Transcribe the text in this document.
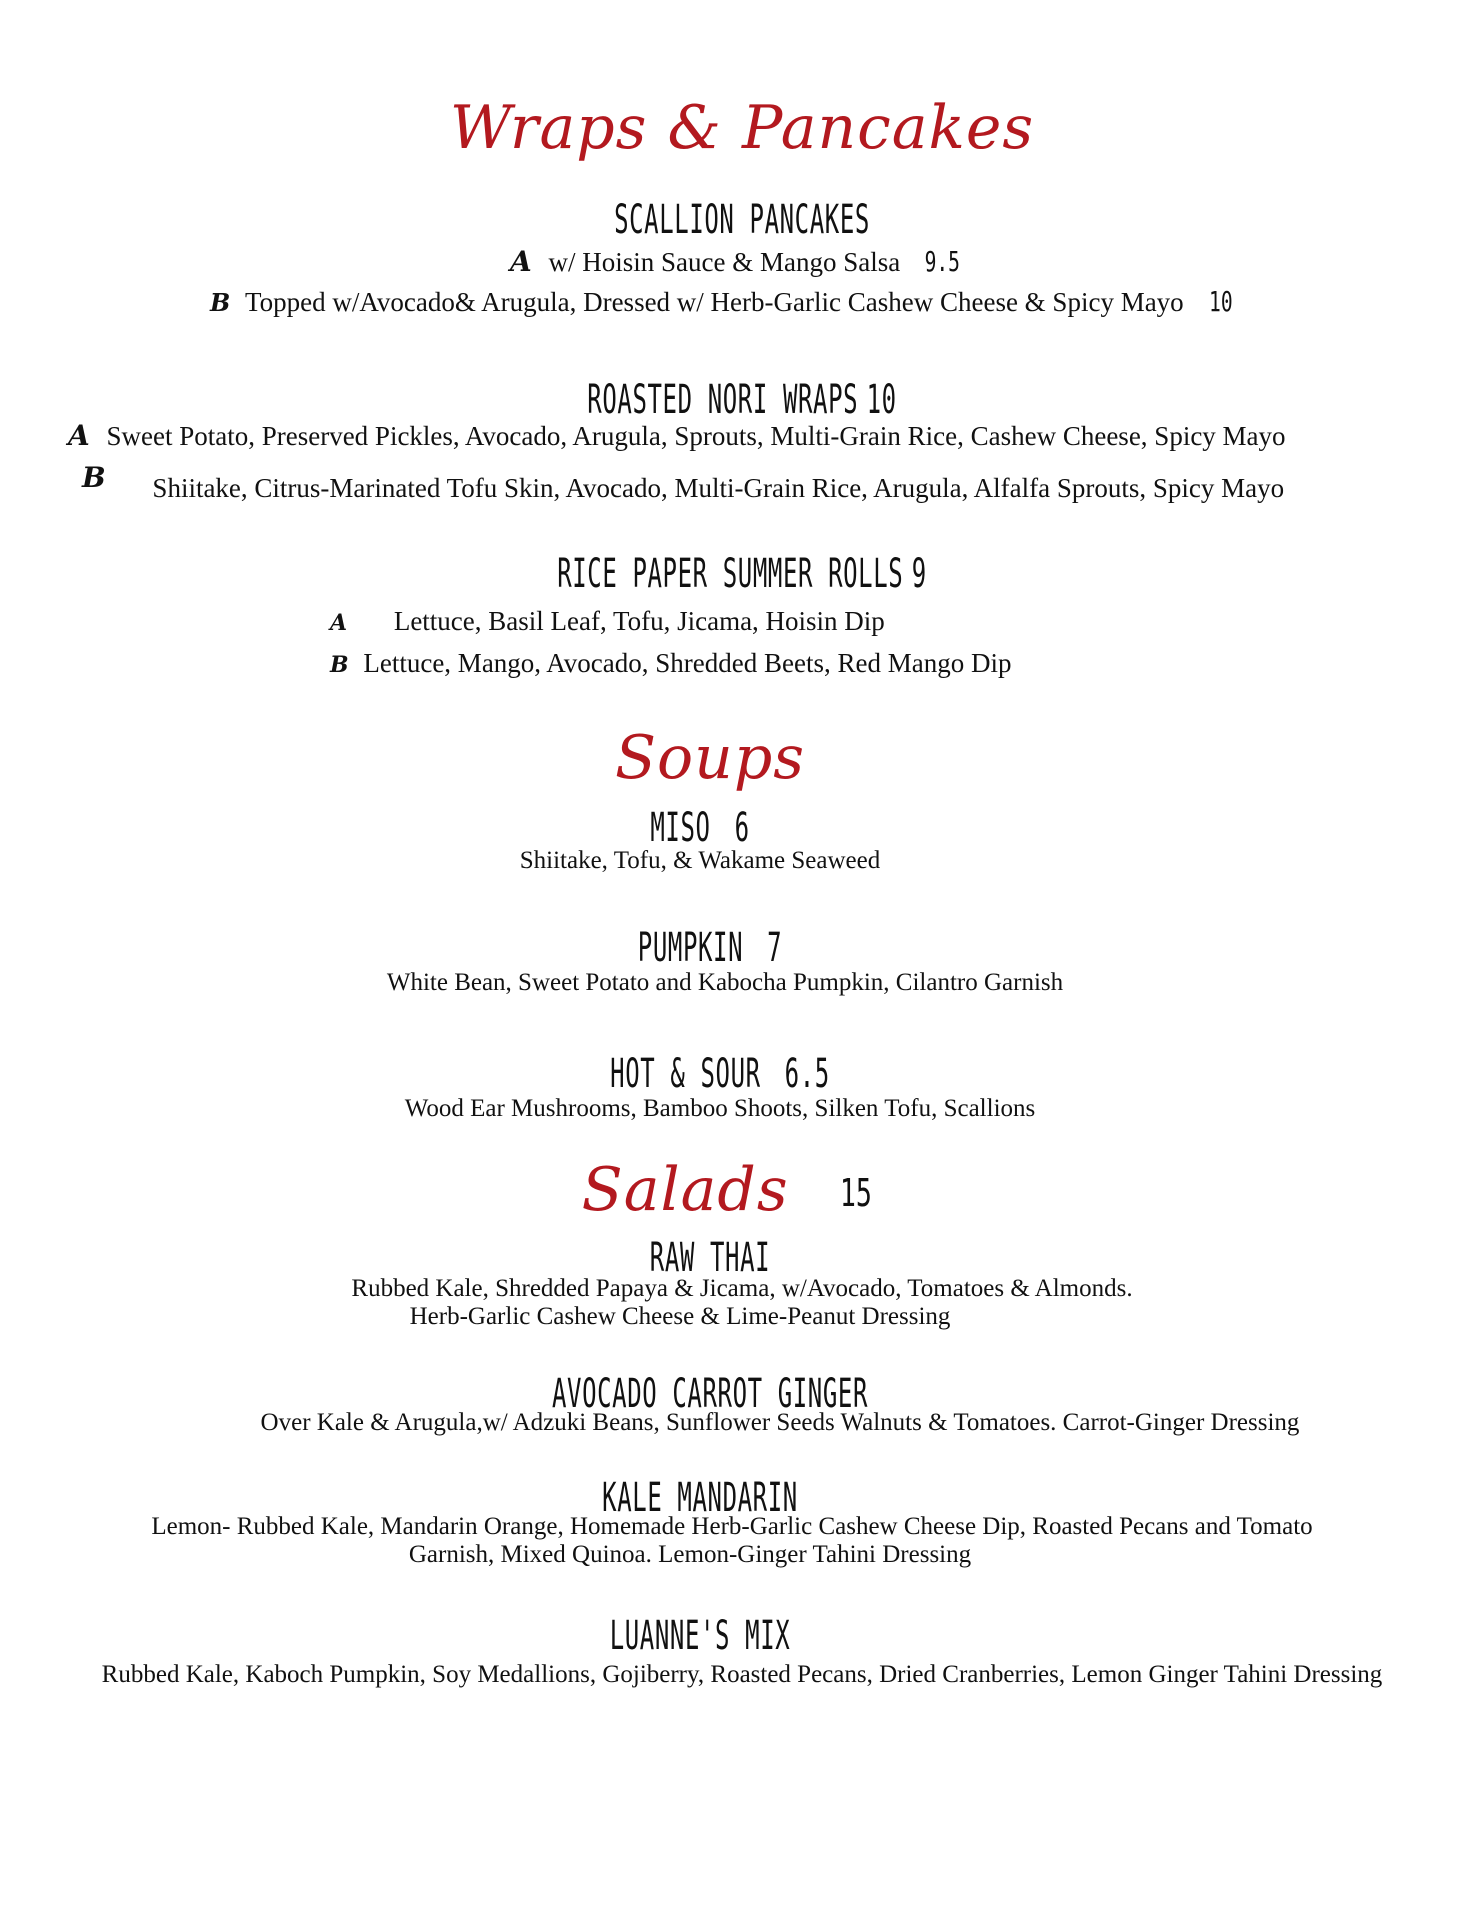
Wraps & Pancakes
SCALLION PANCAKES
A w/ Hoisin Sauce & Mango Salsa 9.5
B Topped w/Avocado& Arugula, Dressed w/ Herb-Garlic Cashew Cheese & Spicy Mayo 10
ROASTED NORI WRAPS 10
A Sweet Potato, Preserved Pickles, Avocado, Arugula, Sprouts, Multi-Grain Rice, Cashew Cheese, Spicy Mayo
B Shiitake, Citrus-Marinated Tofu Skin, Avocado, Multi-Grain Rice, Arugula, Alfalfa Sprouts, Spicy Mayo
RICE PAPER SUMMER ROLLS 9
A Lettuce, Basil Leaf, Tofu, Jicama, Hoisin Dip
B Lettuce, Mango, Avocado, Shredded Beets, Red Mango Dip
Soups
MISO 6
Shiitake, Tofu, & Wakame Seaweed
PUMPKIN 7
White Bean, Sweet Potato and Kabocha Pumpkin, Cilantro Garnish
HOT & SOUR 6.5
Wood Ear Mushrooms, Bamboo Shoots, Silken Tofu, Scallions
Salads 15
RAW THAI
Rubbed Kale, Shredded Papaya & Jicama, w/Avocado, Tomatoes & Almonds.
Herb-Garlic Cashew Cheese & Lime-Peanut Dressing
AVOCADO CARROT GINGER
Over Kale & Arugula,w/ Adzuki Beans, Sunflower Seeds Walnuts & Tomatoes. Carrot-Ginger Dressing
KALE MANDARIN
Lemon- Rubbed Kale, Mandarin Orange, Homemade Herb-Garlic Cashew Cheese Dip, Roasted Pecans and Tomato
Garnish, Mixed Quinoa. Lemon-Ginger Tahini Dressing
LUANNE'S MIX
Rubbed Kale, Kaboch Pumpkin, Soy Medallions, Gojiberry, Roasted Pecans, Dried Cranberries, Lemon Ginger Tahini Dressing
